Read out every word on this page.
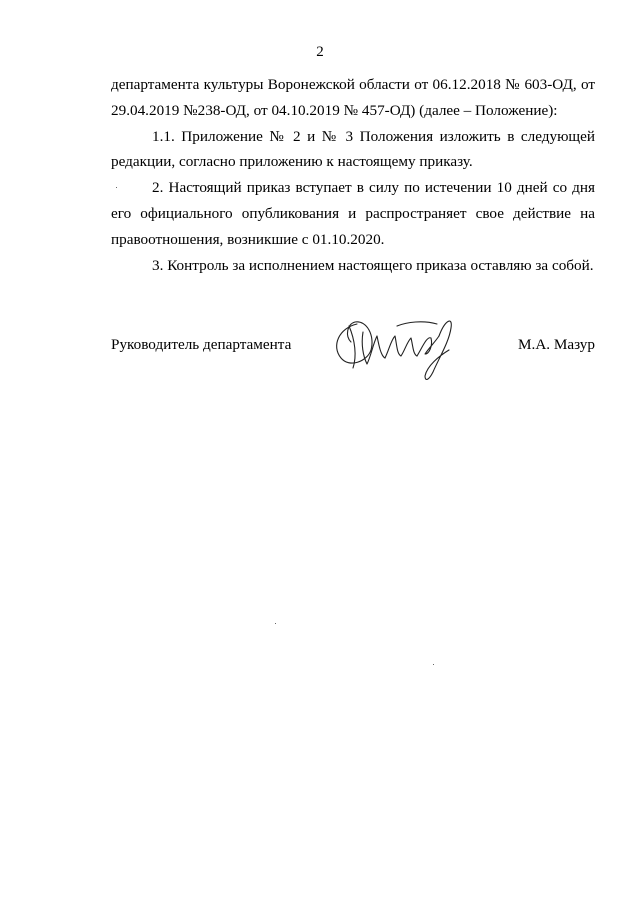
2

департамента культуры Воронежской области от 06.12.2018 № 603-ОД, от 29.04.2019 №238-ОД, от 04.10.2019 № 457-ОД) (далее – Положение):

1.1. Приложение № 2 и № 3 Положения изложить в следующей редакции, согласно приложению к настоящему приказу.

2. Настоящий приказ вступает в силу по истечении 10 дней со дня его официального опубликования и распространяет свое действие на правоотношения, возникшие с 01.10.2020.

3. Контроль за исполнением настоящего приказа оставляю за собой.

Руководитель департамента	М.А. Мазур
